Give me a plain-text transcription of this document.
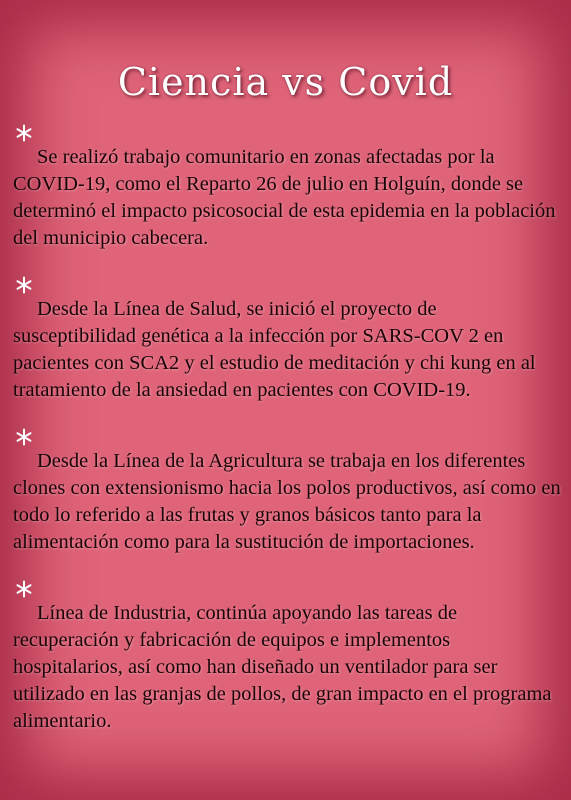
Ciencia vs Covid

Se realizó trabajo comunitario en zonas afectadas por la COVID-19, como el Reparto 26 de julio en Holguín, donde se determinó el impacto psicosocial de esta epidemia en la población del municipio cabecera.

Desde la Línea de Salud, se inició el proyecto de susceptibilidad genética a la infección por SARS-COV 2 en pacientes con SCA2 y el estudio de meditación y chi kung en al tratamiento de la ansiedad en pacientes con COVID-19.

Desde la Línea de la Agricultura se trabaja en los diferentes clones con extensionismo hacia los polos productivos, así como en todo lo referido a las frutas y granos básicos tanto para la alimentación como para la sustitución de importaciones.

Línea de Industria, continúa apoyando las tareas de recuperación y fabricación de equipos e implementos hospitalarios, así como han diseñado un ventilador para ser utilizado en las granjas de pollos, de gran impacto en el programa alimentario.
